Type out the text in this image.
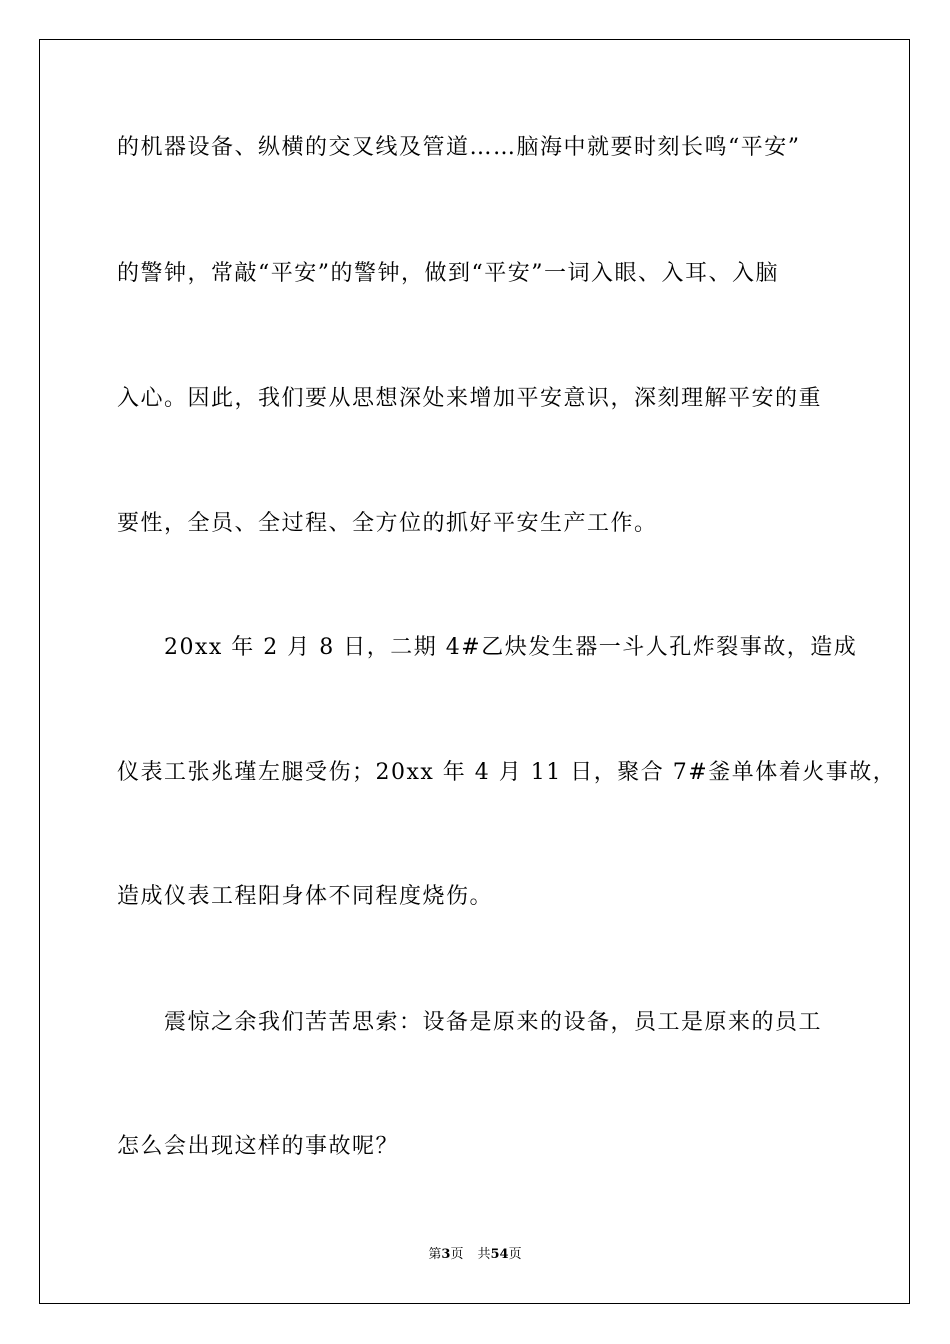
的机器设备、纵横的交叉线及管道……脑海中就要时刻长鸣“平安”

的警钟，常敲“平安”的警钟，做到“平安”一词入眼、入耳、入脑

入心。因此，我们要从思想深处来增加平安意识，深刻理解平安的重

要性，全员、全过程、全方位的抓好平安生产工作。

20xx 年 2 月 8 日，二期 4#乙炔发生器一斗人孔炸裂事故，造成

仪表工张兆瑾左腿受伤；20xx 年 4 月 11 日，聚合 7#釜单体着火事故，

造成仪表工程阳身体不同程度烧伤。

震惊之余我们苦苦思索：设备是原来的设备，员工是原来的员工

怎么会出现这样的事故呢？

第3页 共54页
